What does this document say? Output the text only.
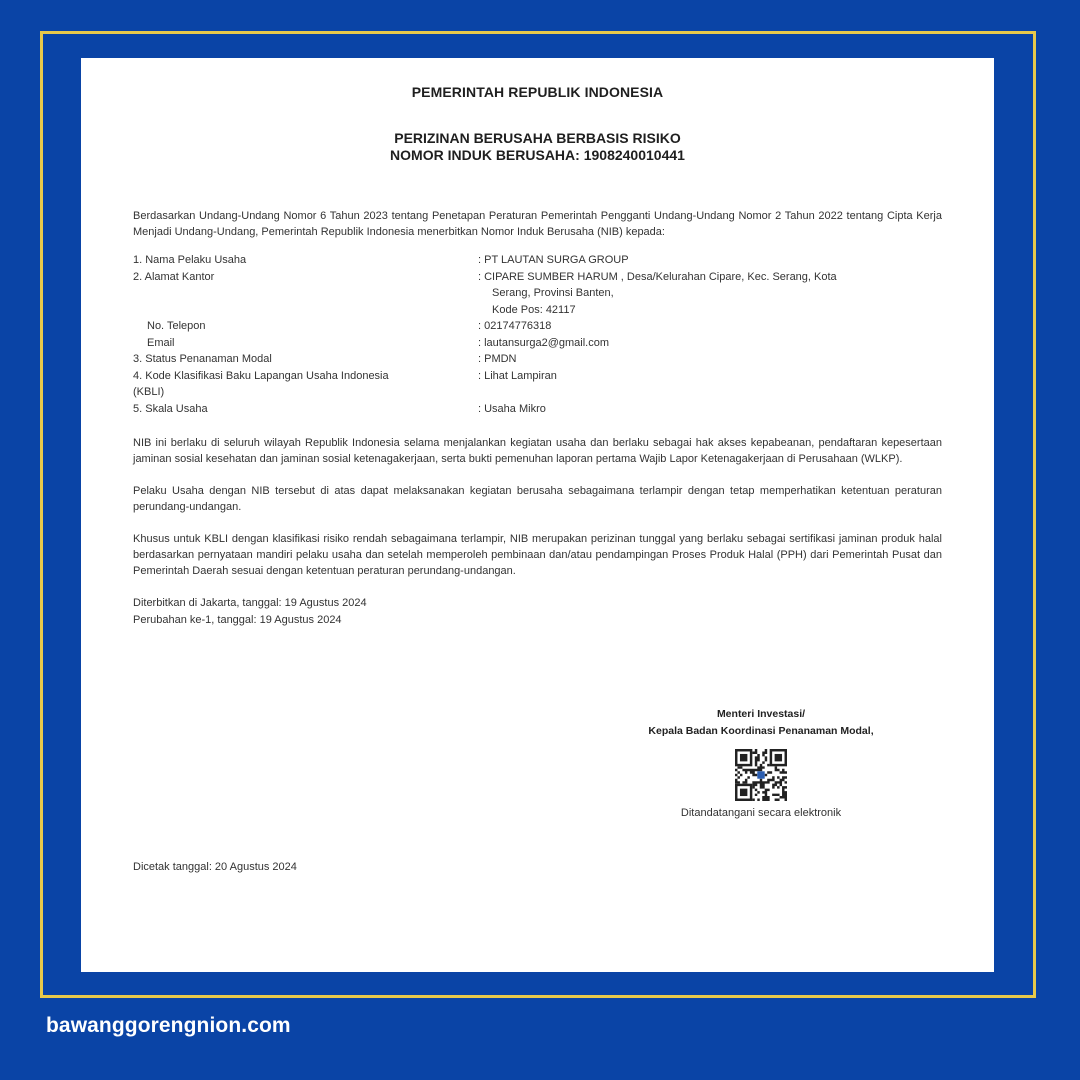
PEMERINTAH REPUBLIK INDONESIA
PERIZINAN BERUSAHA BERBASIS RISIKO
NOMOR INDUK BERUSAHA: 1908240010441
Berdasarkan Undang-Undang Nomor 6 Tahun 2023 tentang Penetapan Peraturan Pemerintah Pengganti Undang-Undang Nomor 2 Tahun 2022 tentang Cipta Kerja Menjadi Undang-Undang, Pemerintah Republik Indonesia menerbitkan Nomor Induk Berusaha (NIB) kepada:
1. Nama Pelaku Usaha	: PT LAUTAN SURGA GROUP
2. Alamat Kantor	: CIPARE SUMBER HARUM , Desa/Kelurahan Cipare, Kec. Serang, Kota
Serang, Provinsi Banten,
Kode Pos: 42117
No. Telepon	: 02174776318
Email	: lautansurga2@gmail.com
3. Status Penanaman Modal	: PMDN
4. Kode Klasifikasi Baku Lapangan Usaha Indonesia
(KBLI)
: Lihat Lampiran
5. Skala Usaha	: Usaha Mikro
NIB ini berlaku di seluruh wilayah Republik Indonesia selama menjalankan kegiatan usaha dan berlaku sebagai hak akses kepabeanan, pendaftaran kepesertaan jaminan sosial kesehatan dan jaminan sosial ketenagakerjaan, serta bukti pemenuhan laporan pertama Wajib Lapor Ketenagakerjaan di Perusahaan (WLKP).
Pelaku Usaha dengan NIB tersebut di atas dapat melaksanakan kegiatan berusaha sebagaimana terlampir dengan tetap memperhatikan ketentuan peraturan perundang-undangan.
Khusus untuk KBLI dengan klasifikasi risiko rendah sebagaimana terlampir, NIB merupakan perizinan tunggal yang berlaku sebagai sertifikasi jaminan produk halal berdasarkan pernyataan mandiri pelaku usaha dan setelah memperoleh pembinaan dan/atau pendampingan Proses Produk Halal (PPH) dari Pemerintah Pusat dan Pemerintah Daerah sesuai dengan ketentuan peraturan perundang-undangan.
Diterbitkan di Jakarta, tanggal: 19 Agustus 2024
Perubahan ke-1, tanggal: 19 Agustus 2024
Menteri Investasi/
Kepala Badan Koordinasi Penanaman Modal,
Ditandatangani secara elektronik
Dicetak tanggal: 20 Agustus 2024
bawanggorengnion.com
